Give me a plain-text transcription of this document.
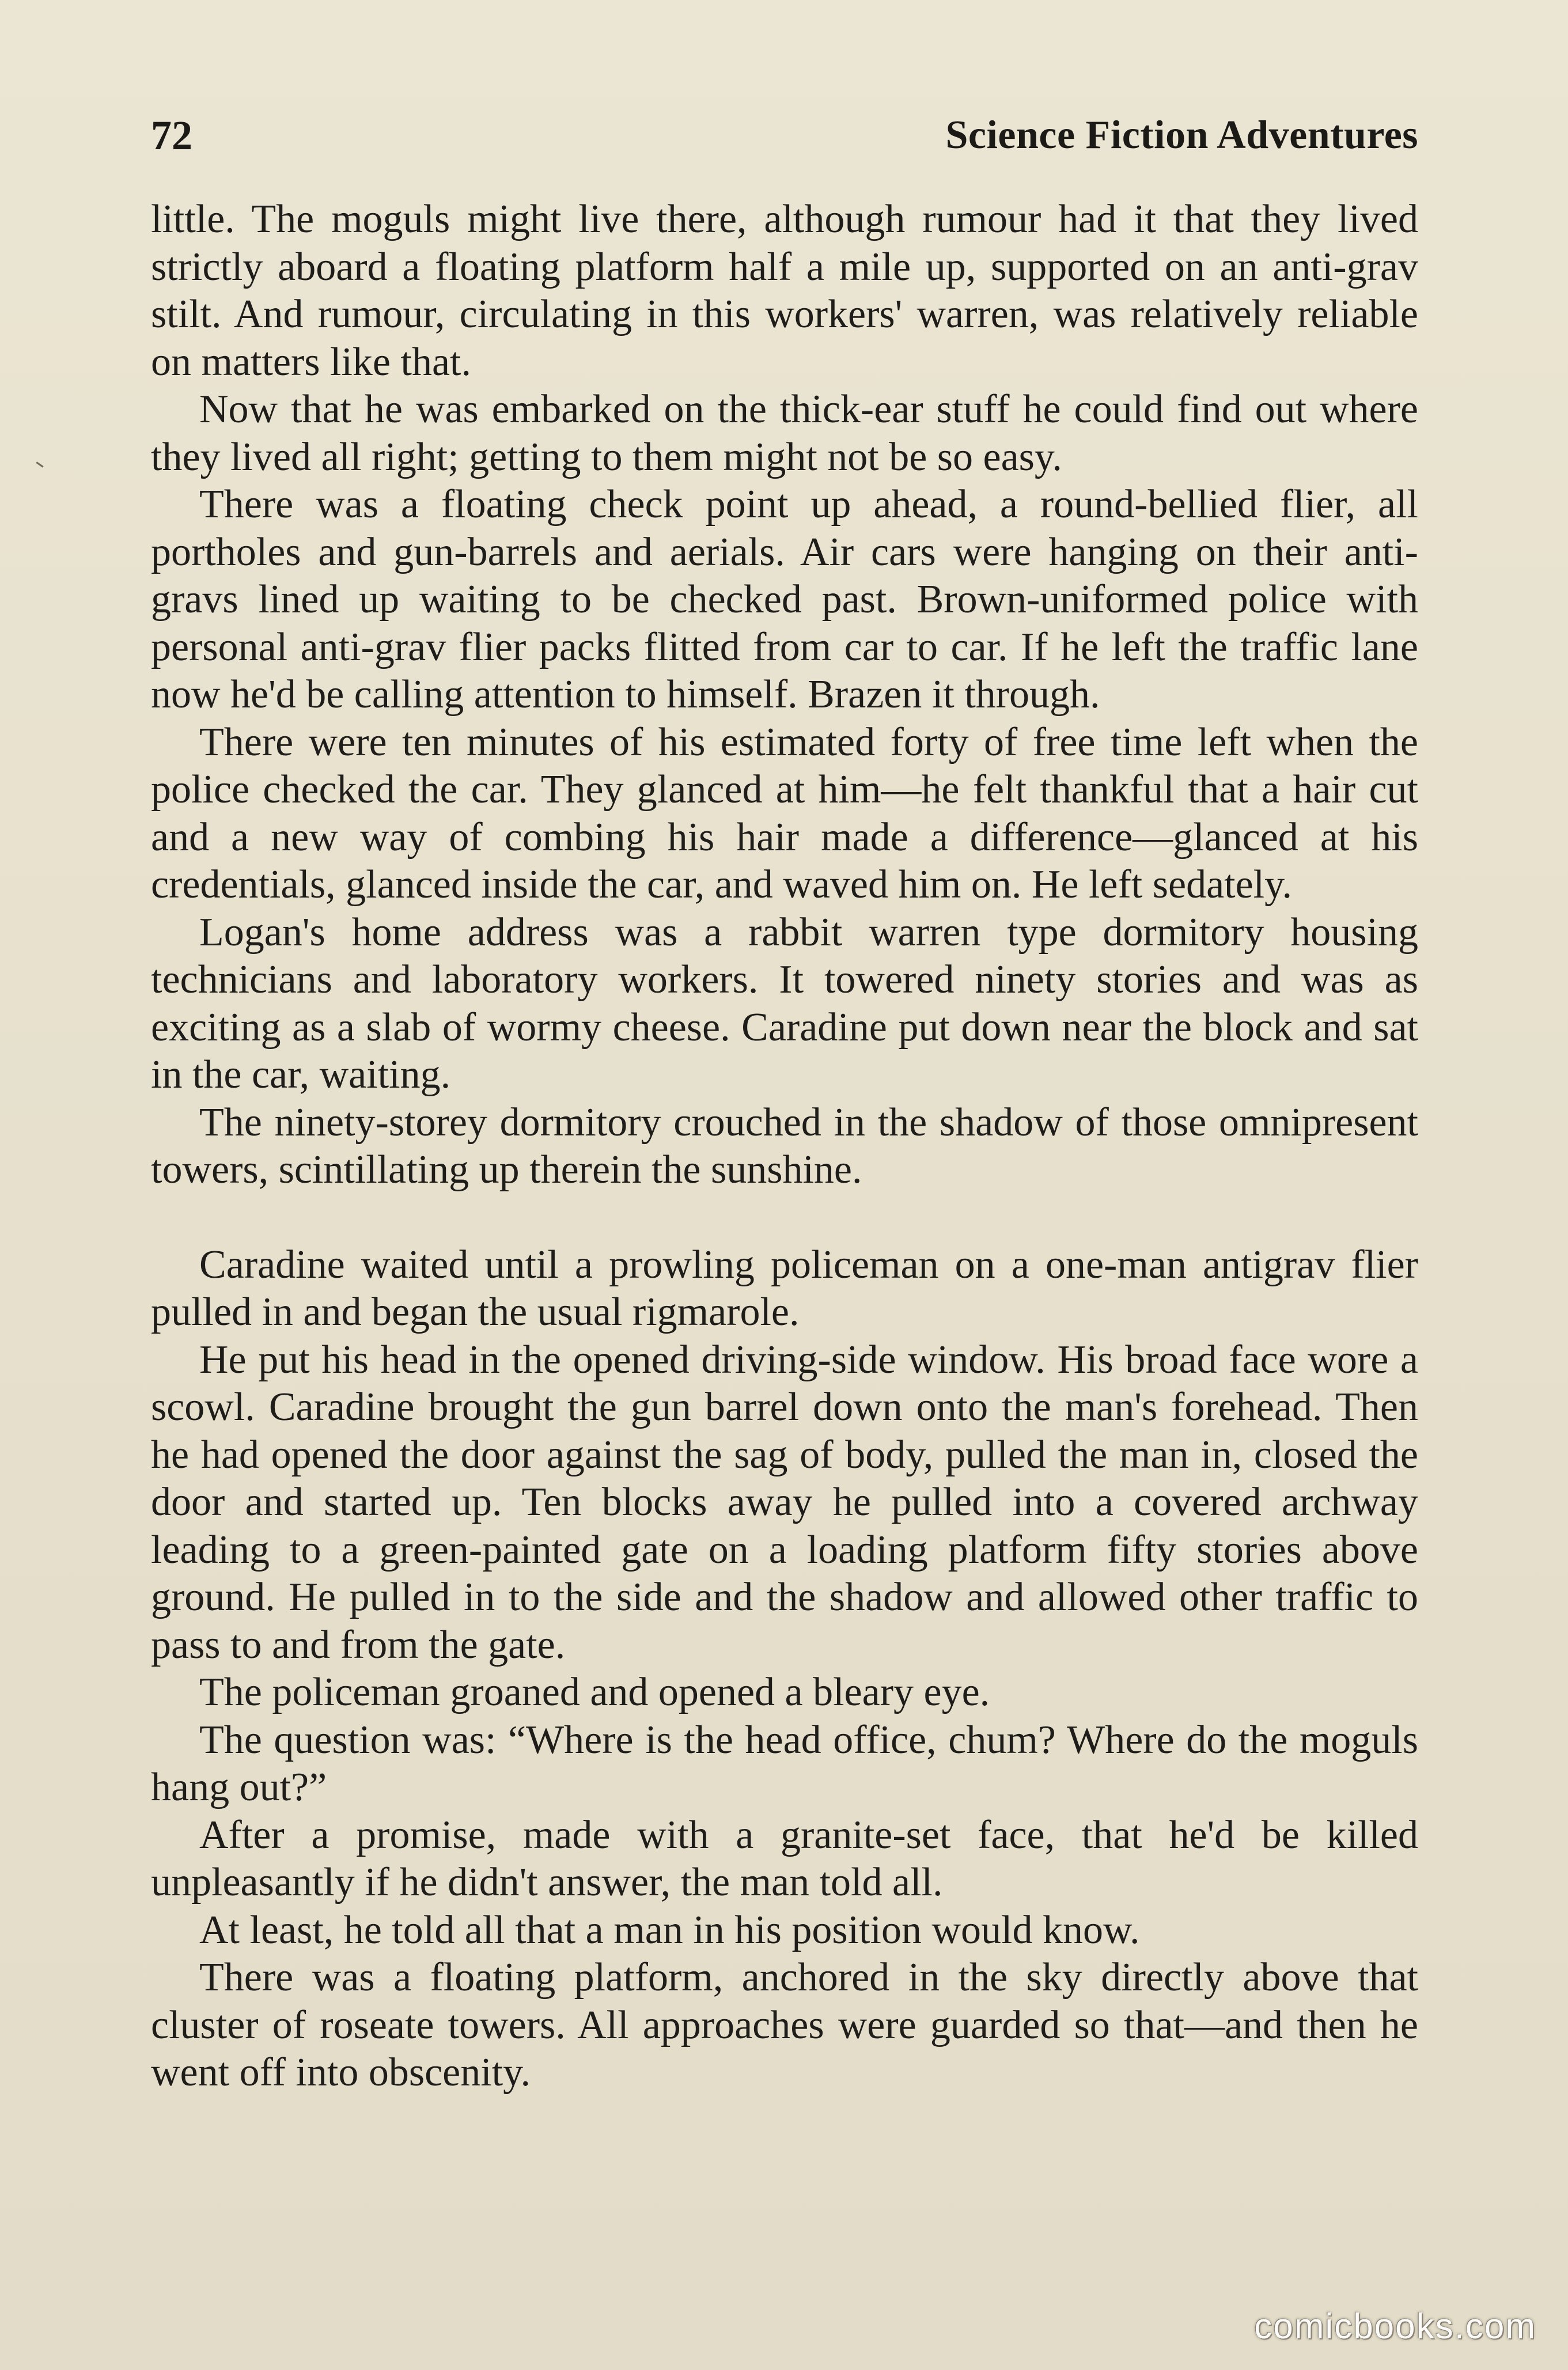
72	Science Fiction Adventures

little. The moguls might live there, although rumour had it that they lived strictly aboard a floating platform half a mile up, supported on an anti-grav stilt. And rumour, circulating in this workers' warren, was relatively reliable on matters like that.

Now that he was embarked on the thick-ear stuff he could find out where they lived all right; getting to them might not be so easy.

There was a floating check point up ahead, a round-bellied flier, all portholes and gun-barrels and aerials. Air cars were hanging on their anti-gravs lined up waiting to be checked past. Brown-uniformed police with personal anti-grav flier packs flitted from car to car. If he left the traffic lane now he'd be calling attention to himself. Brazen it through.

There were ten minutes of his estimated forty of free time left when the police checked the car. They glanced at him—he felt thankful that a hair cut and a new way of combing his hair made a difference—glanced at his credentials, glanced inside the car, and waved him on. He left sedately.

Logan's home address was a rabbit warren type dormitory housing technicians and laboratory workers. It towered ninety stories and was as exciting as a slab of wormy cheese. Caradine put down near the block and sat in the car, waiting.

The ninety-storey dormitory crouched in the shadow of those omnipresent towers, scintillating up therein the sunshine.

Caradine waited until a prowling policeman on a one-man antigrav flier pulled in and began the usual rigmarole.

He put his head in the opened driving-side window. His broad face wore a scowl. Caradine brought the gun barrel down onto the man's forehead. Then he had opened the door against the sag of body, pulled the man in, closed the door and started up. Ten blocks away he pulled into a covered archway leading to a green-painted gate on a loading platform fifty stories above ground. He pulled in to the side and the shadow and allowed other traffic to pass to and from the gate.

The policeman groaned and opened a bleary eye.

The question was: “Where is the head office, chum? Where do the moguls hang out?”

After a promise, made with a granite-set face, that he'd be killed unpleasantly if he didn't answer, the man told all.

At least, he told all that a man in his position would know.

There was a floating platform, anchored in the sky directly above that cluster of roseate towers. All approaches were guarded so that—and then he went off into obscenity.

comicbooks.com
